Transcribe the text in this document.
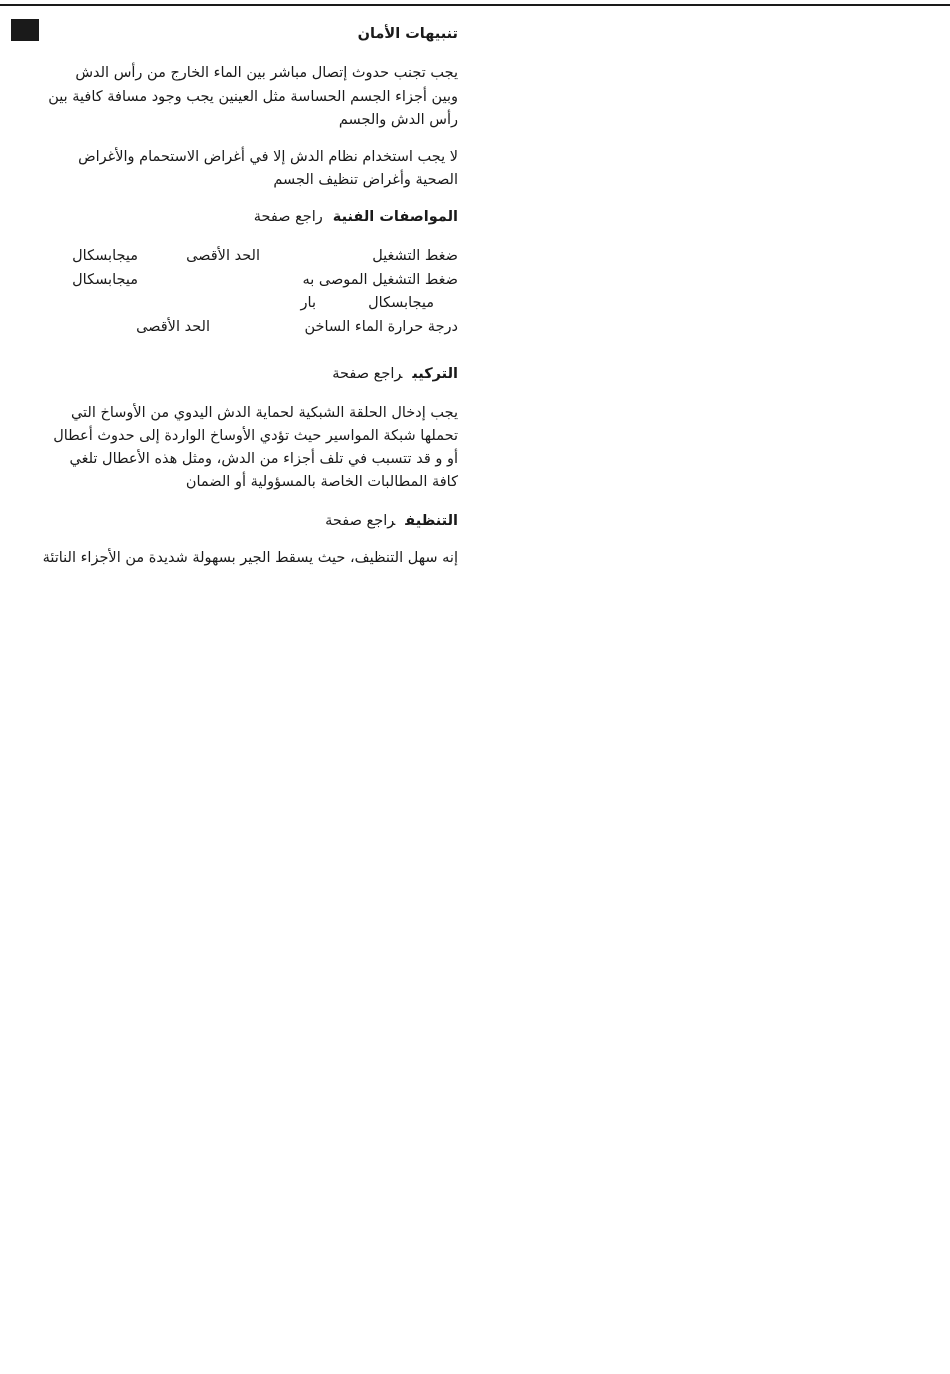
تنبيهات الأمان
يجب تجنب حدوث إتصال مباشر بين الماء الخارج من رأس الدش
وبين أجزاء الجسم الحساسة مثل العينين يجب وجود مسافة كافية بين
رأس الدش والجسم
لا يجب استخدام نظام الدش إلا في أغراض الاستحمام والأغراض
الصحية وأغراض تنظيف الجسم
المواصفات الفنيةراجع صفحة
ضغط التشغيل
الحد الأقصى
ميجابسكال
ضغط التشغيل الموصى به
ميجابسكال
ميجابسكال
بار
درجة حرارة الماء الساخن
الحد الأقصى
التركيبراجع صفحة
يجب إدخال الحلقة الشبكية لحماية الدش اليدوي من الأوساخ التي
تحملها شبكة المواسير حيث تؤدي الأوساخ الواردة إلى حدوث أعطال
أو و قد تتسبب في تلف أجزاء من الدش، ومثل هذه الأعطال تلغي
كافة المطالبات الخاصة بالمسؤولية أو الضمان
التنظيفراجع صفحة
إنه سهل التنظيف، حيث يسقط الجير بسهولة شديدة من الأجزاء الناتئة
